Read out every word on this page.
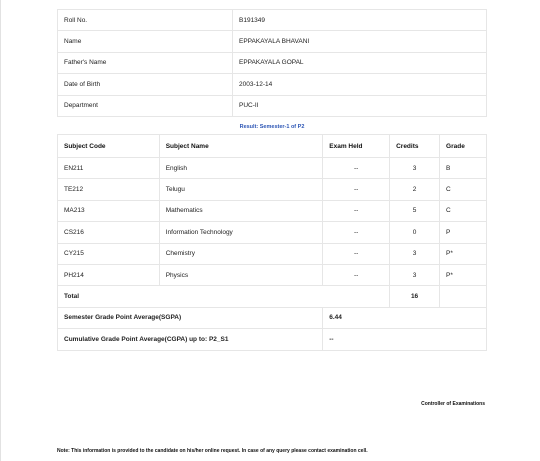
Roll No.	B191349
Name	EPPAKAYALA BHAVANI
Father's Name	EPPAKAYALA GOPAL
Date of Birth	2003-12-14
Department	PUC-II
Result: Semester-1 of P2
Subject Code	Subject Name	Exam Held	Credits	Grade
EN211	English	--	3	B
TE212	Telugu	--	2	C
MA213	Mathematics	--	5	C
CS216	Information Technology	--	0	P
CY215	Chemistry	--	3	P*
PH214	Physics	--	3	P*
Total			16	
Semester Grade Point Average(SGPA)		6.44		
Cumulative Grade Point Average(CGPA) up to: P2_S1		--		
Controller of Examinations
Note: This information is provided to the candidate on his/her online request. In case of any query please contact examination cell.
